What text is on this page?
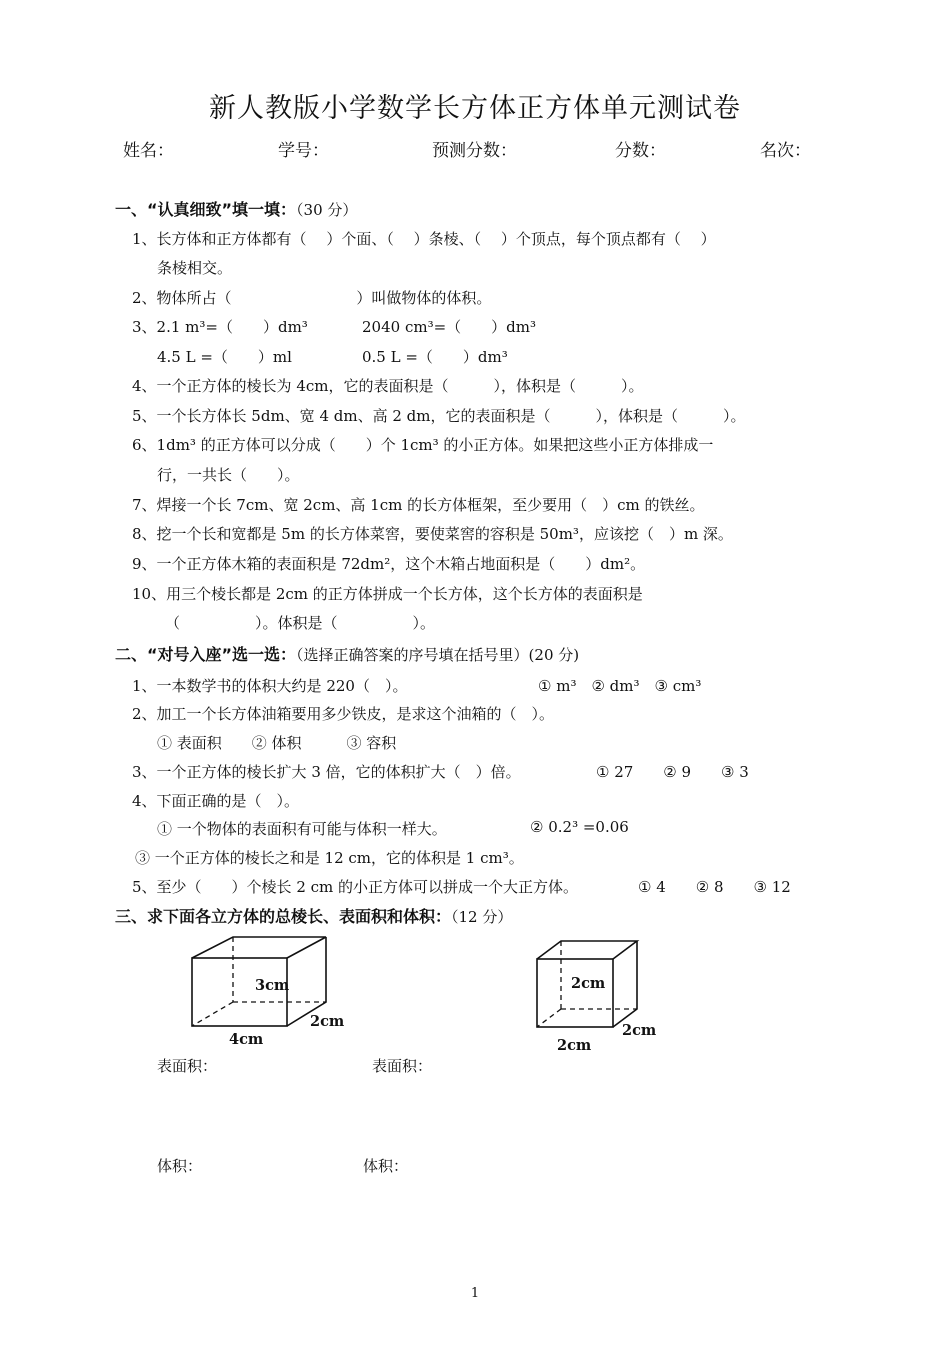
新人教版小学数学长方体正方体单元测试卷
姓名：	学号：	预测分数：	分数：	名次：
一、“认真细致”填一填：（30 分）
1、长方体和正方体都有（　 ）个面、（　 ）条棱、（　 ）个顶点，每个顶点都有（　 ）
条棱相交。
2、物体所占（　　　　　　　　 ）叫做物体的体积。
3、2.1 m³=（　　）dm³	2040 cm³=（　　）dm³
4.5 L =（　　）ml	0.5 L =（　　）dm³
4、一个正方体的棱长为 4cm，它的表面积是（　　　），体积是（　　　）。
5、一个长方体长 5dm、宽 4 dm、高 2 dm，它的表面积是（　　　），体积是（　　　）。
6、1dm³ 的正方体可以分成（　　）个 1cm³ 的小正方体。如果把这些小正方体排成一
行，一共长（　　）。
7、焊接一个长 7cm、宽 2cm、高 1cm 的长方体框架，至少要用（　）cm 的铁丝。
8、挖一个长和宽都是 5m 的长方体菜窖，要使菜窖的容积是 50m³，应该挖（　）m 深。
9、一个正方体木箱的表面积是 72dm²，这个木箱占地面积是（　　）dm²。
10、用三个棱长都是 2cm 的正方体拼成一个长方体，这个长方体的表面积是
（　　　　　）。体积是（　　　　　）。
二、“对号入座”选一选：（选择正确答案的序号填在括号里）(20 分)
1、一本数学书的体积大约是 220（　）。	① m³　② dm³　③ cm³
2、加工一个长方体油箱要用多少铁皮，是求这个油箱的（　）。
① 表面积　　② 体积　　　③ 容积
3、一个正方体的棱长扩大 3 倍，它的体积扩大（　）倍。	① 27　　② 9　　③ 3
4、下面正确的是（　）。
① 一个物体的表面积有可能与体积一样大。	② 0.2³ =0.06
③ 一个正方体的棱长之和是 12 cm，它的体积是 1 cm³。
5、至少（　　）个棱长 2 cm 的小正方体可以拼成一个大正方体。	① 4　　② 8　　③ 12
三、求下面各立方体的总棱长、表面积和体积：（12 分）
3cm
4cm
2cm
2cm
2cm
2cm
表面积：	表面积：
体积：	体积：
1
